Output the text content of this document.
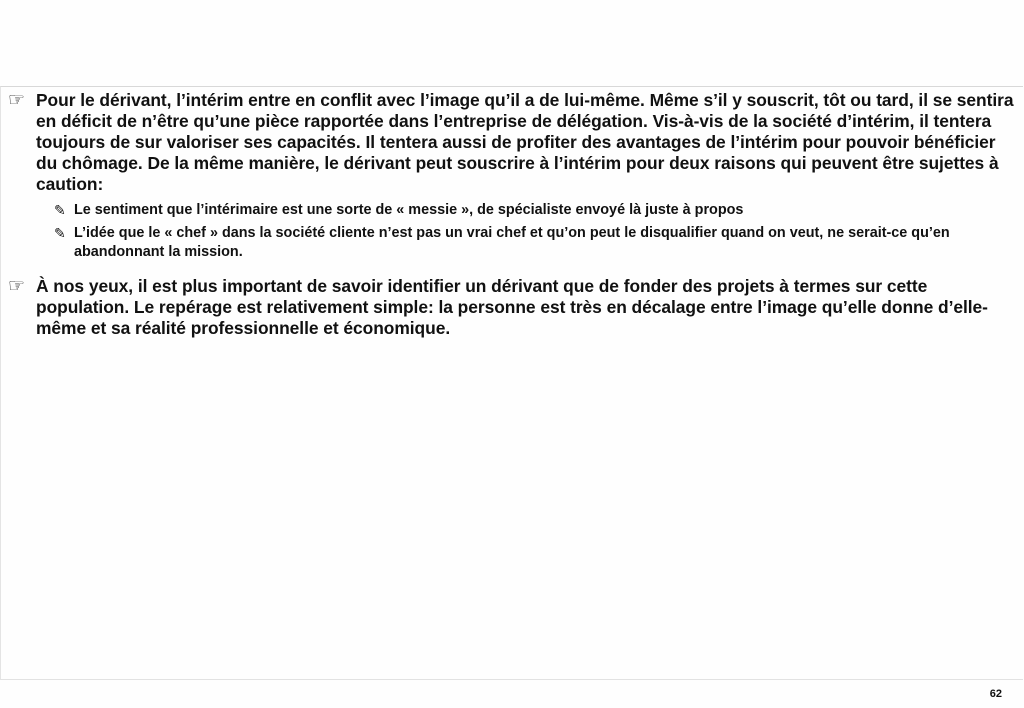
☞ Pour le dérivant, l’intérim entre en conflit avec l’image qu’il a de lui-même. Même s’il y souscrit, tôt ou tard, il se sentira en déficit de n’être qu’une pièce rapportée dans l’entreprise de délégation. Vis-à-vis de la société d’intérim, il tentera toujours de sur valoriser ses capacités. Il tentera aussi de profiter des avantages de l’intérim pour pouvoir bénéficier du chômage. De la même manière, le dérivant peut souscrire à l’intérim pour deux raisons qui peuvent être sujettes à caution:
✎ Le sentiment que l’intérimaire est une sorte de « messie », de spécialiste envoyé là juste à propos
✎ L’idée que le « chef » dans la société cliente n’est pas un vrai chef et qu’on peut le disqualifier quand on veut, ne serait-ce qu’en abandonnant la mission.
☞ À nos yeux, il est plus important de savoir identifier un dérivant que de fonder des projets à termes sur cette population. Le repérage est relativement simple: la personne est très en décalage entre l’image qu’elle donne d’elle-même et sa réalité professionnelle et économique.
62
